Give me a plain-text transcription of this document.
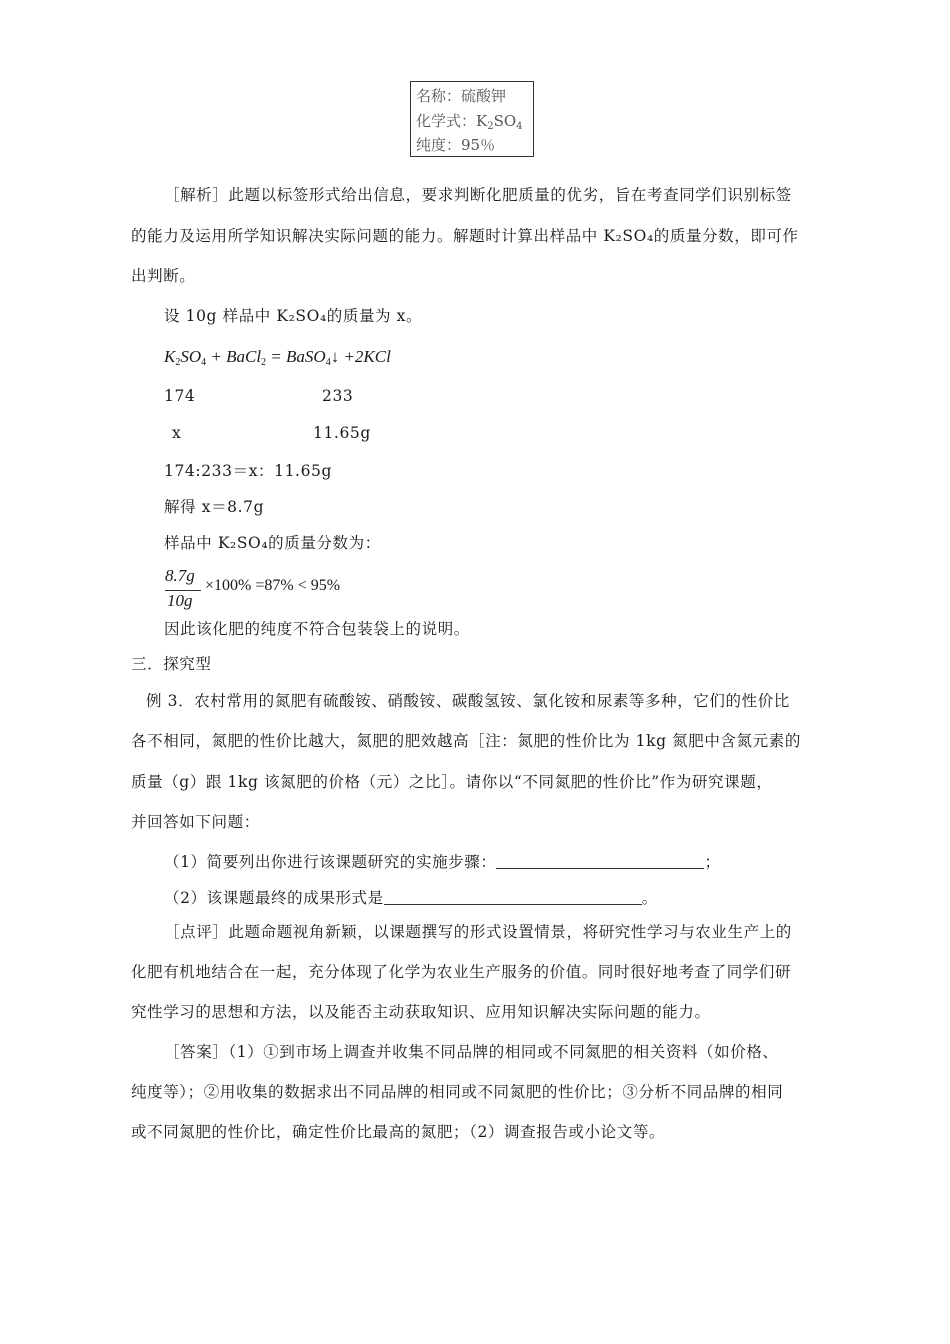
名称：硫酸钾
化学式：$K_2SO_4$
纯度：95％
［解析］此题以标签形式给出信息，要求判断化肥质量的优劣，旨在考查同学们识别标签
的能力及运用所学知识解决实际问题的能力。解题时计算出样品中 K₂SO₄的质量分数，即可作
出判断。
设 10g 样品中 K₂SO₄的质量为 x。
$K_2SO_4$ + BaCl$_2$ = BaSO$_4$↓ +2KCl
174	233
x	11.65g
174:233＝x：11.65g
解得 x＝8.7g
样品中 K₂SO₄的质量分数为：
8.7g
10g
×100% =87% < 95%
因此该化肥的纯度不符合包装袋上的说明。
三．探究型
例 3．农村常用的氮肥有硫酸铵、硝酸铵、碳酸氢铵、氯化铵和尿素等多种，它们的性价比
各不相同，氮肥的性价比越大，氮肥的肥效越高［注：氮肥的性价比为 1kg 氮肥中含氮元素的
质量（g）跟 1kg 该氮肥的价格（元）之比］。请你以“不同氮肥的性价比”作为研究课题，
并回答如下问题：
（1）简要列出你进行该课题研究的实施步骤：	；
（2）该课题最终的成果形式是	。
［点评］此题命题视角新颖，以课题撰写的形式设置情景，将研究性学习与农业生产上的
化肥有机地结合在一起，充分体现了化学为农业生产服务的价值。同时很好地考查了同学们研
究性学习的思想和方法，以及能否主动获取知识、应用知识解决实际问题的能力。
［答案］（1）①到市场上调查并收集不同品牌的相同或不同氮肥的相关资料（如价格、
纯度等）；②用收集的数据求出不同品牌的相同或不同氮肥的性价比；③分析不同品牌的相同
或不同氮肥的性价比，确定性价比最高的氮肥；（2）调查报告或小论文等。
